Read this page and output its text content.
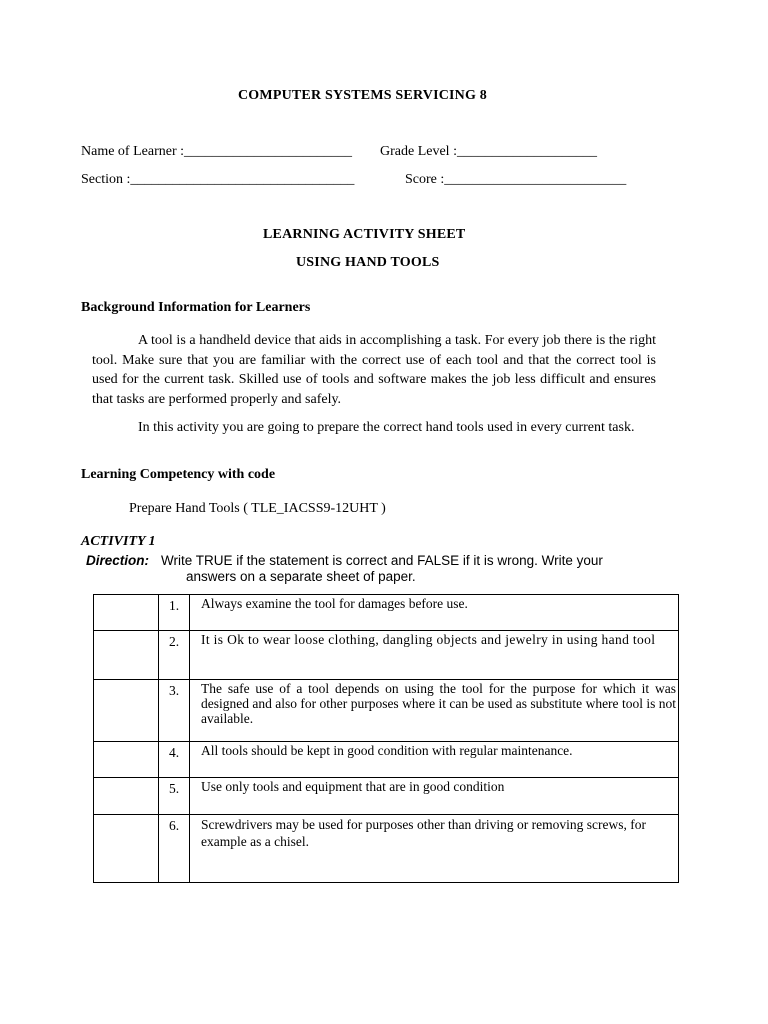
COMPUTER SYSTEMS SERVICING 8
Name of Learner :________________________ Grade Level :____________________
Section :________________________________	Score :__________________________
LEARNING ACTIVITY SHEET
USING HAND TOOLS
Background Information for Learners
A tool is a handheld device that aids in accomplishing a task. For every job there is the right tool. Make sure that you are familiar with the correct use of each tool and that the correct tool is used for the current task. Skilled use of tools and software makes the job less difficult and ensures that tasks are performed properly and safely.
In this activity you are going to prepare the correct hand tools used in every current task.
Learning Competency with code
Prepare Hand Tools ( TLE_IACSS9-12UHT )
ACTIVITY 1
Direction: Write TRUE if the statement is correct and FALSE if it is wrong. Write your
answers on a separate sheet of paper.
	1.	Always examine the tool for damages before use.
	2.	It is Ok to wear loose clothing, dangling objects and jewelry in using hand tool
	3.	The safe use of a tool depends on using the tool for the purpose for which it was designed and also for other purposes where it can be used as substitute where tool is not available.
	4.	All tools should be kept in good condition with regular maintenance.
	5.	Use only tools and equipment that are in good condition
	6.	Screwdrivers may be used for purposes other than driving or removing screws, for example as a chisel.
